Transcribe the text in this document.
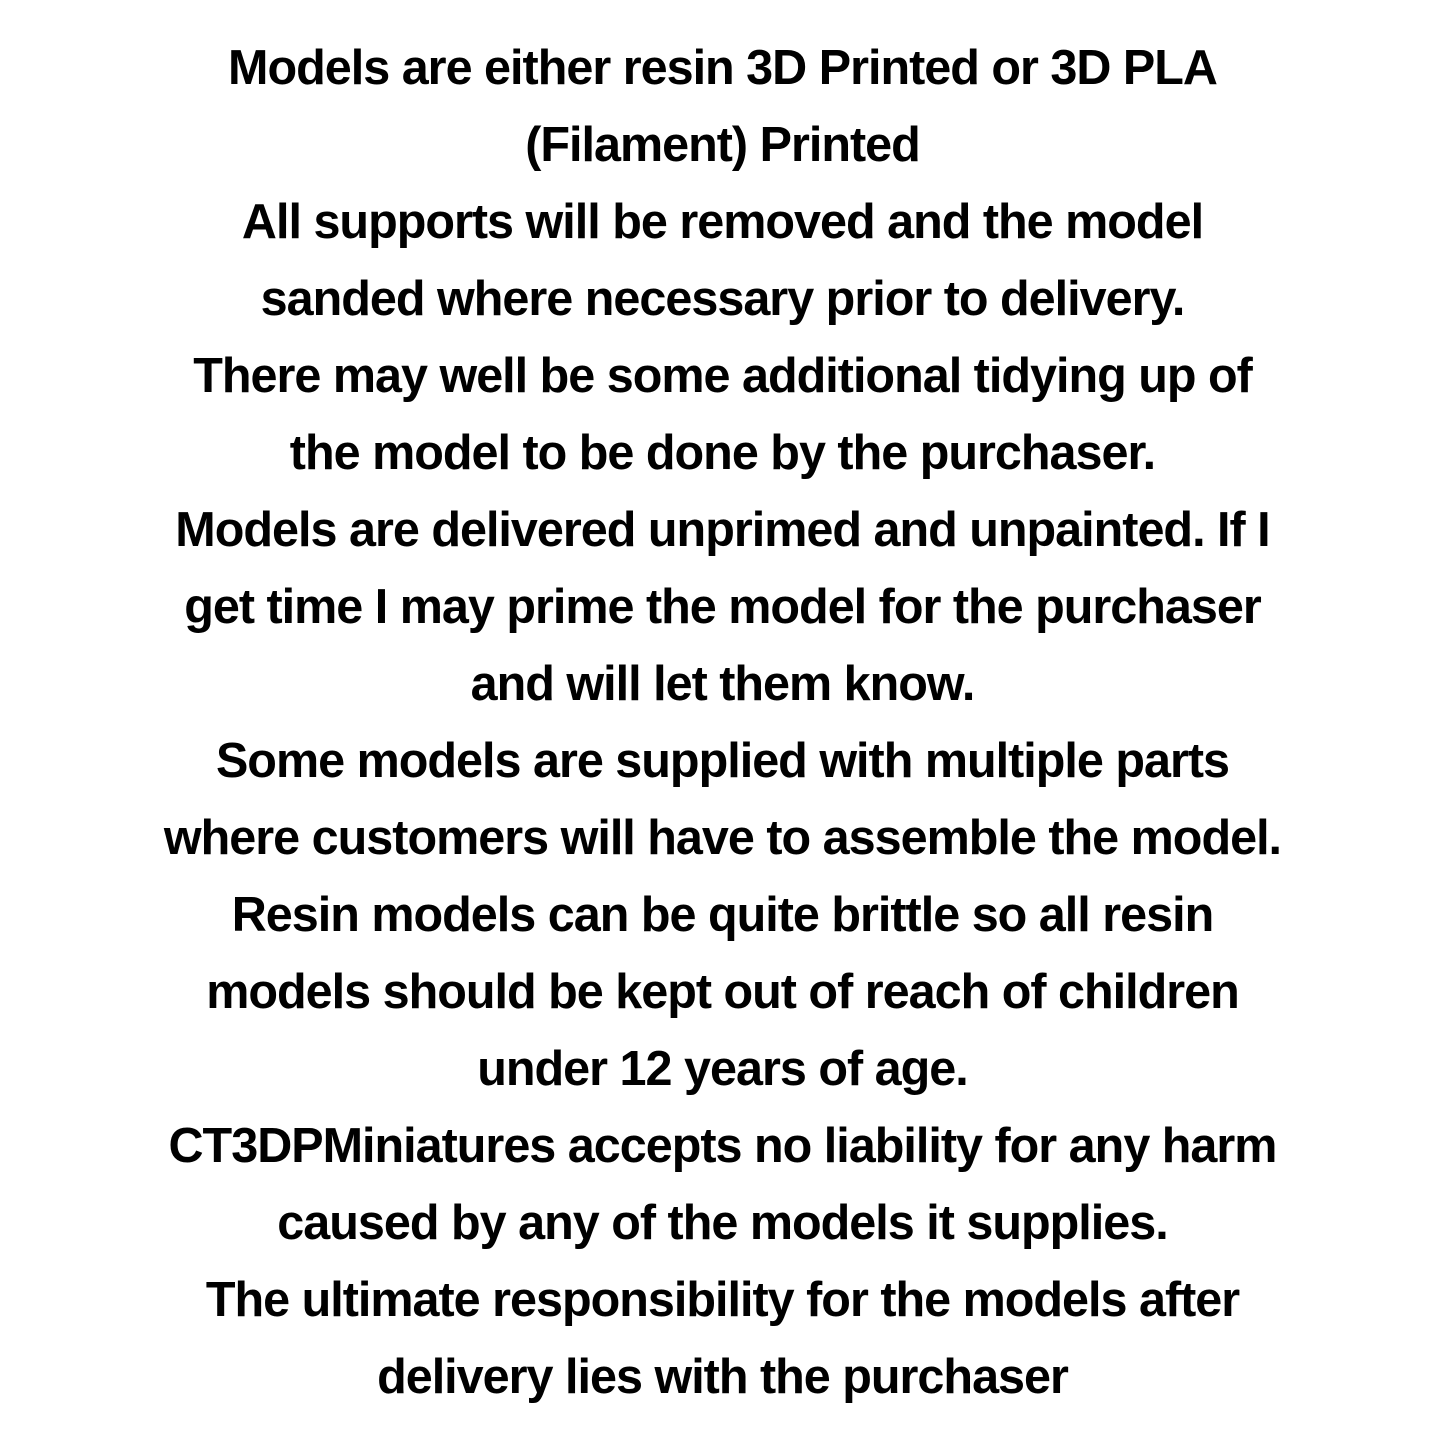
Models are either resin 3D Printed or 3D PLA
(Filament) Printed
All supports will be removed and the model
sanded where necessary prior to delivery.
There may well be some additional tidying up of
the model to be done by the purchaser.
Models are delivered unprimed and unpainted. If I
get time I may prime the model for the purchaser
and will let them know.
Some models are supplied with multiple parts
where customers will have to assemble the model.
Resin models can be quite brittle so all resin
models should be kept out of reach of children
under 12 years of age.
CT3DPMiniatures accepts no liability for any harm
caused by any of the models it supplies.
The ultimate responsibility for the models after
delivery lies with the purchaser
